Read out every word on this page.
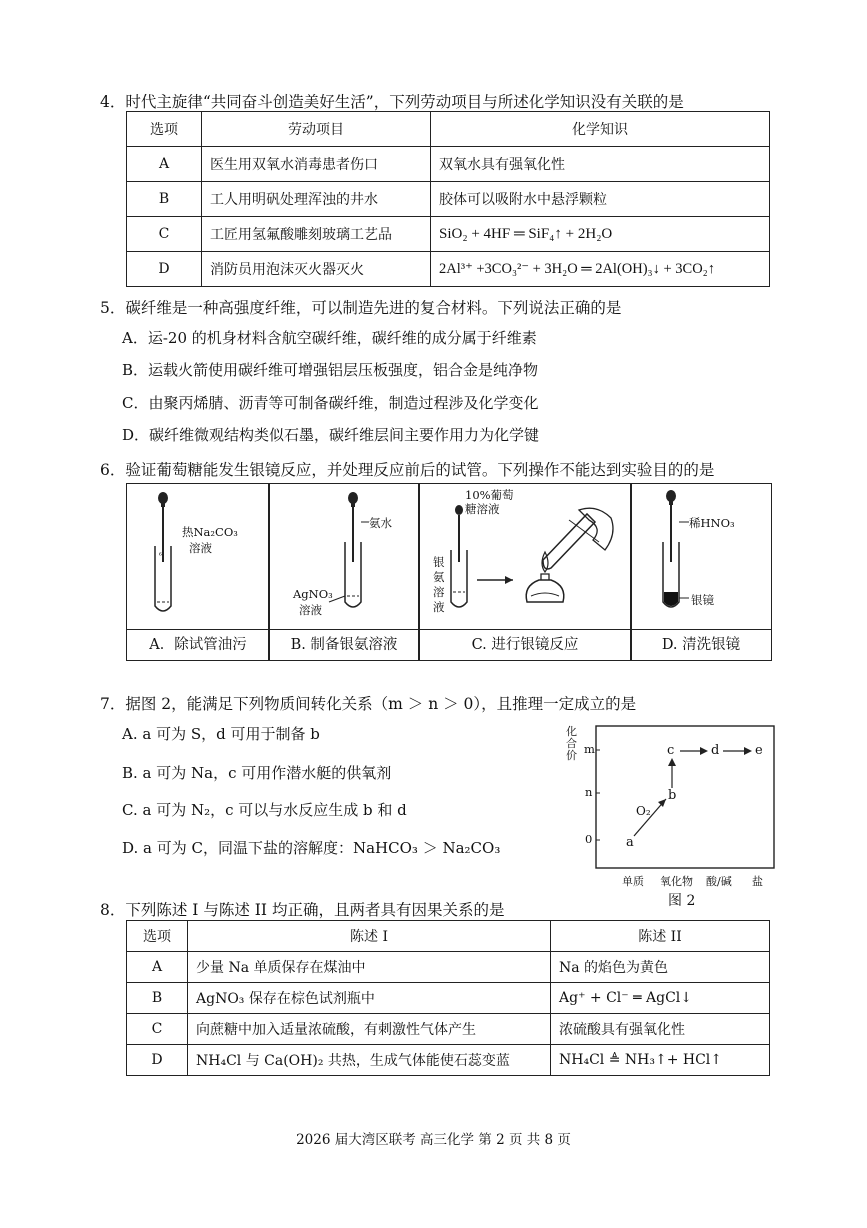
4．时代主旋律“共同奋斗创造美好生活”，下列劳动项目与所述化学知识没有关联的是
选项	劳动项目	化学知识
A	医生用双氧水消毒患者伤口	双氧水具有强氧化性
B	工人用明矾处理浑浊的井水	胶体可以吸附水中悬浮颗粒
C	工匠用氢氟酸雕刻玻璃工艺品	SiO₂ + 4HF ═ SiF₄↑ + 2H₂O
D	消防员用泡沫灭火器灭火	2Al³⁺ +3CO₃²⁻ + 3H₂O ═ 2Al(OH)₃↓ + 3CO₂↑
5．碳纤维是一种高强度纤维，可以制造先进的复合材料。下列说法正确的是
A．运-20 的机身材料含航空碳纤维，碳纤维的成分属于纤维素
B．运载火箭使用碳纤维可增强铝层压板强度，铝合金是纯净物
C．由聚丙烯腈、沥青等可制备碳纤维，制造过程涉及化学变化
D．碳纤维微观结构类似石墨，碳纤维层间主要作用力为化学键
6．验证葡萄糖能发生银镜反应，并处理反应前后的试管。下列操作不能达到实验目的的是
⁶
热Na₂CO₃
溶液
A．除试管油污
氨水
AgNO₃
溶液
B. 制备银氨溶液
10%葡萄
糖溶液
银
氨
溶
液
C. 进行银镜反应
稀HNO₃
银镜
D. 清洗银镜
7．据图 2，能满足下列物质间转化关系（m ＞ n ＞ 0），且推理一定成立的是
A. a 可为 S，d 可用于制备 b
B. a 可为 Na，c 可用作潜水艇的供氧剂
C. a 可为 N₂，c 可以与水反应生成 b 和 d
D. a 可为 C，同温下盐的溶解度：NaHCO₃ ＞ Na₂CO₃
化合价 m
n
0	a
b
c	d	e
O₂
单质 氧化物 酸/碱 盐
图 2
8．下列陈述 I 与陈述 II 均正确，且两者具有因果关系的是
选项	陈述 I	陈述 II
A	少量 Na 单质保存在煤油中	Na 的焰色为黄色
B	AgNO₃ 保存在棕色试剂瓶中	Ag⁺ + Cl⁻ ═ AgCl↓
C	向蔗糖中加入适量浓硫酸，有刺激性气体产生	浓硫酸具有强氧化性
D	NH₄Cl 与 Ca(OH)₂ 共热，生成气体能使石蕊变蓝	NH₄Cl ≜ NH₃↑+ HCl↑
2026 届大湾区联考 高三化学 第 2 页 共 8 页
